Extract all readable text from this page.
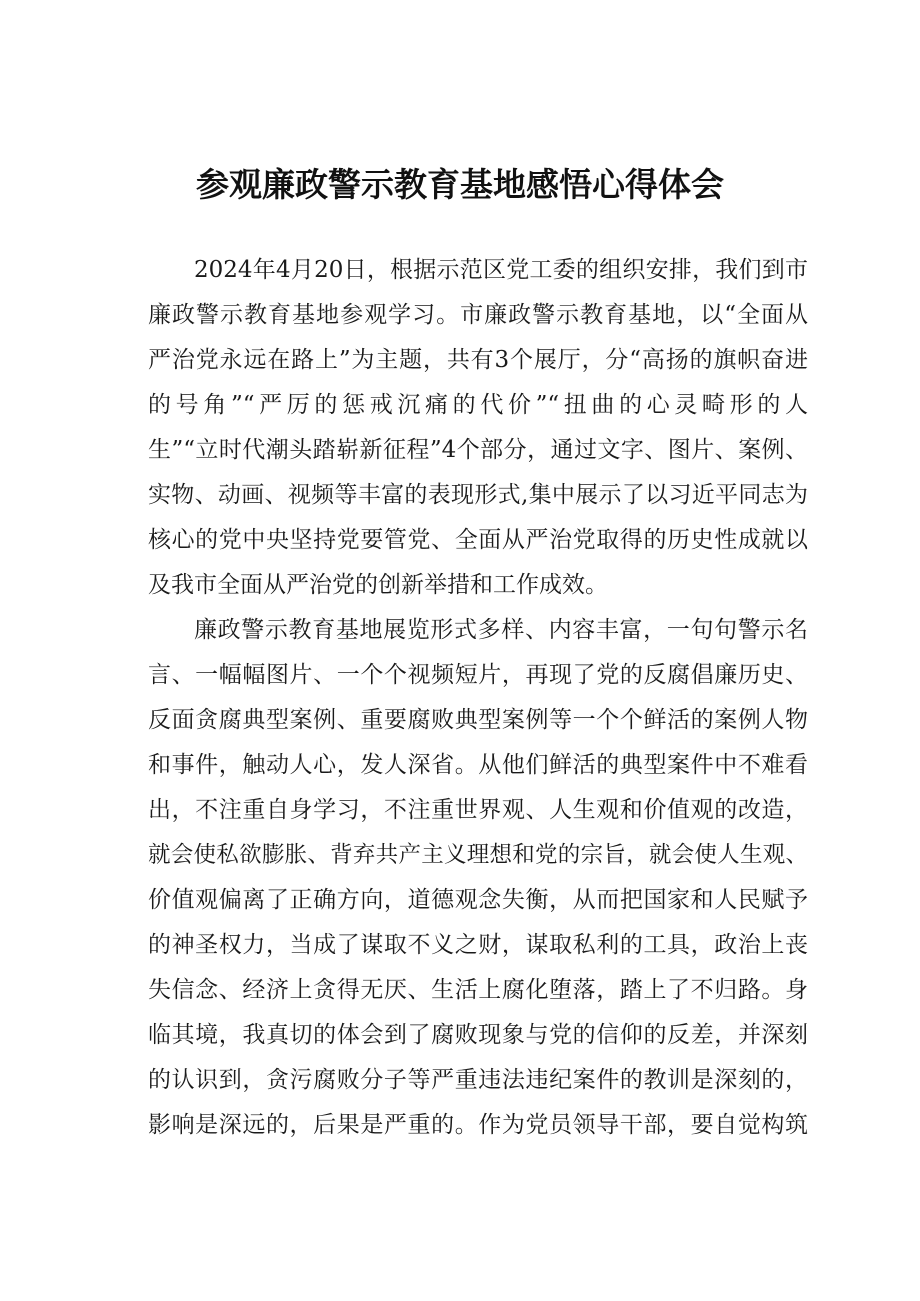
参观廉政警示教育基地感悟心得体会

2024年4月20日，根据示范区党工委的组织安排，我们到市

廉政警示教育基地参观学习。市廉政警示教育基地，以“全面从

严治党永远在路上”为主题，共有3个展厅，分“高扬的旗帜奋进

的号角”“严厉的惩戒沉痛的代价”“扭曲的心灵畸形的人

生”“立时代潮头踏崭新征程”4个部分，通过文字、图片、案例、

实物、动画、视频等丰富的表现形式,集中展示了以习近平同志为

核心的党中央坚持党要管党、全面从严治党取得的历史性成就以

及我市全面从严治党的创新举措和工作成效。

廉政警示教育基地展览形式多样、内容丰富，一句句警示名

言、一幅幅图片、一个个视频短片，再现了党的反腐倡廉历史、

反面贪腐典型案例、重要腐败典型案例等一个个鲜活的案例人物

和事件，触动人心，发人深省。从他们鲜活的典型案件中不难看

出，不注重自身学习，不注重世界观、人生观和价值观的改造，

就会使私欲膨胀、背弃共产主义理想和党的宗旨，就会使人生观、

价值观偏离了正确方向，道德观念失衡，从而把国家和人民赋予

的神圣权力，当成了谋取不义之财，谋取私利的工具，政治上丧

失信念、经济上贪得无厌、生活上腐化堕落，踏上了不归路。身

临其境，我真切的体会到了腐败现象与党的信仰的反差，并深刻

的认识到，贪污腐败分子等严重违法违纪案件的教训是深刻的，

影响是深远的，后果是严重的。作为党员领导干部，要自觉构筑
